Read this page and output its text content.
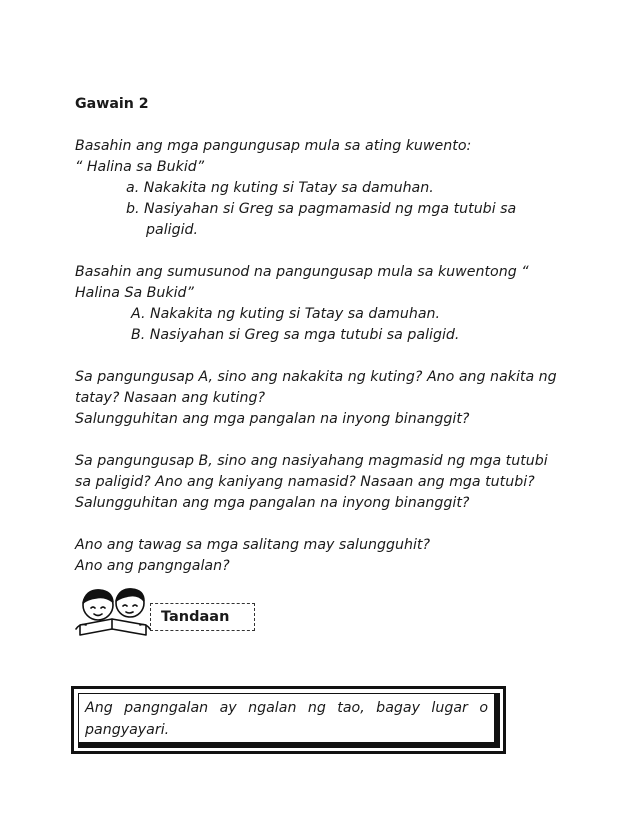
Gawain 2
Basahin ang mga pangungusap mula sa ating kuwento:
“ Halina sa Bukid”
a. Nakakita ng kuting si Tatay sa damuhan.
b. Nasiyahan si Greg sa pagmamasid ng mga tutubi sa
paligid.
Basahin ang sumusunod na pangungusap mula sa kuwentong “
Halina Sa Bukid”
A. Nakakita ng kuting si Tatay sa damuhan.
B. Nasiyahan si Greg sa mga tutubi sa paligid.
Sa pangungusap A, sino ang nakakita ng kuting? Ano ang nakita ng
tatay? Nasaan ang kuting?
Salungguhitan ang mga pangalan na inyong binanggit?
Sa pangungusap B, sino ang nasiyahang magmasid ng mga tutubi
sa paligid? Ano ang kaniyang namasid? Nasaan ang mga tutubi?
Salungguhitan ang mga pangalan na inyong binanggit?
Ano ang tawag sa mga salitang may salungguhit?
Ano ang pangngalan?
Tandaan
Ang pangngalan ay ngalan ng tao, bagay lugar o pangyayari.
